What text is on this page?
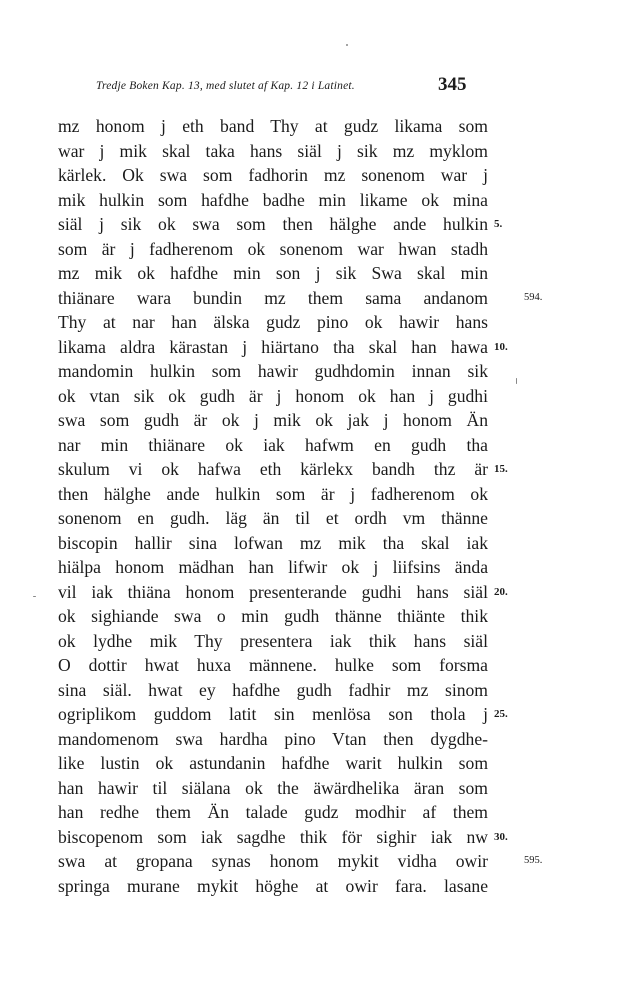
Tredje Boken Kap. 13, med slutet af Kap. 12 i Latinet.	345
mz honom j eth band Thy at gudz likama som
war j mik skal taka hans siäl j sik mz myklom
kärlek. Ok swa som fadhorin mz sonenom war j
mik hulkin som hafdhe badhe min likame ok mina
siäl j sik ok swa som then hälghe ande hulkin
som är j fadherenom ok sonenom war hwan stadh
mz mik ok hafdhe min son j sik Swa skal min
thiänare wara bundin mz them sama andanom
Thy at nar han älska gudz pino ok hawir hans
likama aldra kärastan j hiärtano tha skal han hawa
mandomin hulkin som hawir gudhdomin innan sik
ok vtan sik ok gudh är j honom ok han j gudhi
swa som gudh är ok j mik ok jak j honom Än
nar min thiänare ok iak hafwm en gudh tha
skulum vi ok hafwa eth kärlekx bandh thz är
then hälghe ande hulkin som är j fadherenom ok
sonenom en gudh. läg än til et ordh vm thänne
biscopin hallir sina lofwan mz mik tha skal iak
hiälpa honom mädhan han lifwir ok j liifsins ända
vil iak thiäna honom presenterande gudhi hans siäl
ok sighiande swa o min gudh thänne thiänte thik
ok lydhe mik Thy presentera iak thik hans siäl
O dottir hwat huxa männene. hulke som forsma
sina siäl. hwat ey hafdhe gudh fadhir mz sinom
ogriplikom guddom latit sin menlösa son thola j
mandomenom swa hardha pino Vtan then dygdhe-
like lustin ok astundanin hafdhe warit hulkin som
han hawir til siälana ok the äwärdhelika äran som
han redhe them Än talade gudz modhir af them
biscopenom som iak sagdhe thik för sighir iak nw
swa at gropana synas honom mykit vidha owir
springa murane mykit höghe at owir fara. lasane
5.
10.
15.
20.
25.
30.
594.
595.
